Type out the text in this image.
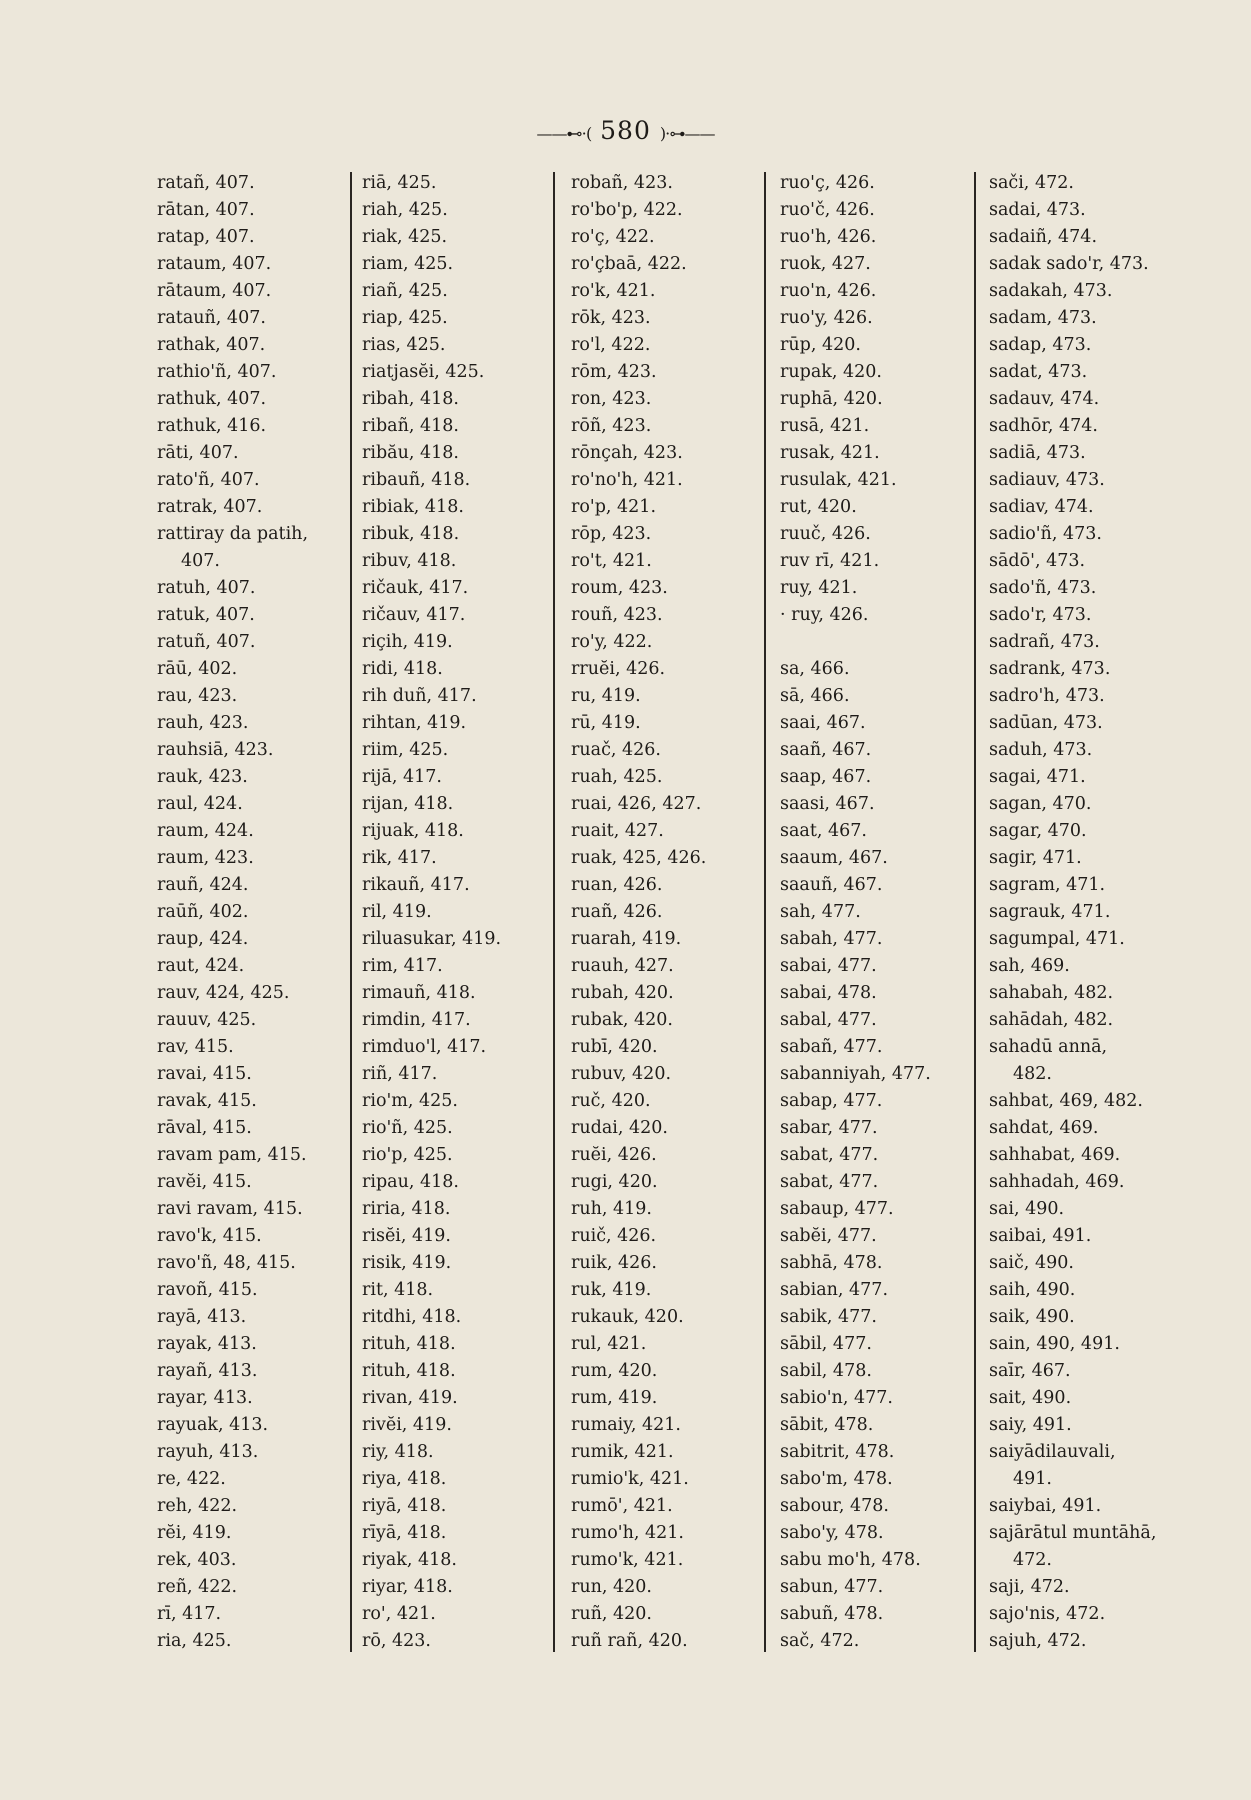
——⊷⋅( 580 )⋅⊶——
ratañ, 407.
rātan, 407.
ratap, 407.
rataum, 407.
rātaum, 407.
ratauñ, 407.
rathak, 407.
rathio'ñ, 407.
rathuk, 407.
rathuk, 416.
rāti, 407.
rato'ñ, 407.
ratrak, 407.
rattiray da patih,
407.
ratuh, 407.
ratuk, 407.
ratuñ, 407.
rāū, 402.
rau, 423.
rauh, 423.
rauhsiā, 423.
rauk, 423.
raul, 424.
raum, 424.
raum, 423.
rauñ, 424.
raūñ, 402.
raup, 424.
raut, 424.
rauv, 424, 425.
rauuv, 425.
rav, 415.
ravai, 415.
ravak, 415.
rāval, 415.
ravam pam, 415.
ravĕi, 415.
ravi ravam, 415.
ravo'k, 415.
ravo'ñ, 48, 415.
ravoñ, 415.
rayā, 413.
rayak, 413.
rayañ, 413.
rayar, 413.
rayuak, 413.
rayuh, 413.
re, 422.
reh, 422.
rĕi, 419.
rek, 403.
reñ, 422.
rī, 417.
ria, 425.
riā, 425.
riah, 425.
riak, 425.
riam, 425.
riañ, 425.
riap, 425.
rias, 425.
riatjasĕi, 425.
ribah, 418.
ribañ, 418.
ribău, 418.
ribauñ, 418.
ribiak, 418.
ribuk, 418.
ribuv, 418.
ričauk, 417.
ričauv, 417.
riçih, 419.
ridi, 418.
rih duñ, 417.
rihtan, 419.
riim, 425.
rijā, 417.
rijan, 418.
rijuak, 418.
rik, 417.
rikauñ, 417.
ril, 419.
riluasukar, 419.
rim, 417.
rimauñ, 418.
rimdin, 417.
rimduo'l, 417.
riñ, 417.
rio'm, 425.
rio'ñ, 425.
rio'p, 425.
ripau, 418.
riria, 418.
risĕi, 419.
risik, 419.
rit, 418.
ritdhi, 418.
rituh, 418.
rituh, 418.
rivan, 419.
rivĕi, 419.
riy, 418.
riya, 418.
riyā, 418.
rīyā, 418.
riyak, 418.
riyar, 418.
ro', 421.
rō, 423.
robañ, 423.
ro'bo'p, 422.
ro'ç, 422.
ro'çbaā, 422.
ro'k, 421.
rōk, 423.
ro'l, 422.
rōm, 423.
ron, 423.
rōñ, 423.
rōnçah, 423.
ro'no'h, 421.
ro'p, 421.
rōp, 423.
ro't, 421.
roum, 423.
rouñ, 423.
ro'y, 422.
rruĕi, 426.
ru, 419.
rū, 419.
ruač, 426.
ruah, 425.
ruai, 426, 427.
ruait, 427.
ruak, 425, 426.
ruan, 426.
ruañ, 426.
ruarah, 419.
ruauh, 427.
rubah, 420.
rubak, 420.
rubī, 420.
rubuv, 420.
ruč, 420.
rudai, 420.
ruĕi, 426.
rugi, 420.
ruh, 419.
ruič, 426.
ruik, 426.
ruk, 419.
rukauk, 420.
rul, 421.
rum, 420.
rum, 419.
rumaiy, 421.
rumik, 421.
rumio'k, 421.
rumō', 421.
rumo'h, 421.
rumo'k, 421.
run, 420.
ruñ, 420.
ruñ rañ, 420.
ruo'ç, 426.
ruo'č, 426.
ruo'h, 426.
ruok, 427.
ruo'n, 426.
ruo'y, 426.
rūp, 420.
rupak, 420.
ruphā, 420.
rusā, 421.
rusak, 421.
rusulak, 421.
rut, 420.
ruuč, 426.
ruv rī, 421.
ruy, 421.
· ruy, 426.
sa, 466.
sā, 466.
saai, 467.
saañ, 467.
saap, 467.
saasi, 467.
saat, 467.
saaum, 467.
saauñ, 467.
sah, 477.
sabah, 477.
sabai, 477.
sabai, 478.
sabal, 477.
sabañ, 477.
sabanniyah, 477.
sabap, 477.
sabar, 477.
sabat, 477.
sabat, 477.
sabaup, 477.
sabĕi, 477.
sabhā, 478.
sabian, 477.
sabik, 477.
sābil, 477.
sabil, 478.
sabio'n, 477.
sābit, 478.
sabitrit, 478.
sabo'm, 478.
sabour, 478.
sabo'y, 478.
sabu mo'h, 478.
sabun, 477.
sabuñ, 478.
sač, 472.
sači, 472.
sadai, 473.
sadaiñ, 474.
sadak sado'r, 473.
sadakah, 473.
sadam, 473.
sadap, 473.
sadat, 473.
sadauv, 474.
sadhōr, 474.
sadiā, 473.
sadiauv, 473.
sadiav, 474.
sadio'ñ, 473.
sādō', 473.
sado'ñ, 473.
sado'r, 473.
sadrañ, 473.
sadrank, 473.
sadro'h, 473.
sadūan, 473.
saduh, 473.
sagai, 471.
sagan, 470.
sagar, 470.
sagir, 471.
sagram, 471.
sagrauk, 471.
sagumpal, 471.
sah, 469.
sahabah, 482.
sahādah, 482.
sahadū annā,
482.
sahbat, 469, 482.
sahdat, 469.
sahhabat, 469.
sahhadah, 469.
sai, 490.
saibai, 491.
saič, 490.
saih, 490.
saik, 490.
sain, 490, 491.
saīr, 467.
sait, 490.
saiy, 491.
saiyādilauvali,
491.
saiybai, 491.
sajārātul muntāhā,
472.
saji, 472.
sajo'nis, 472.
sajuh, 472.
